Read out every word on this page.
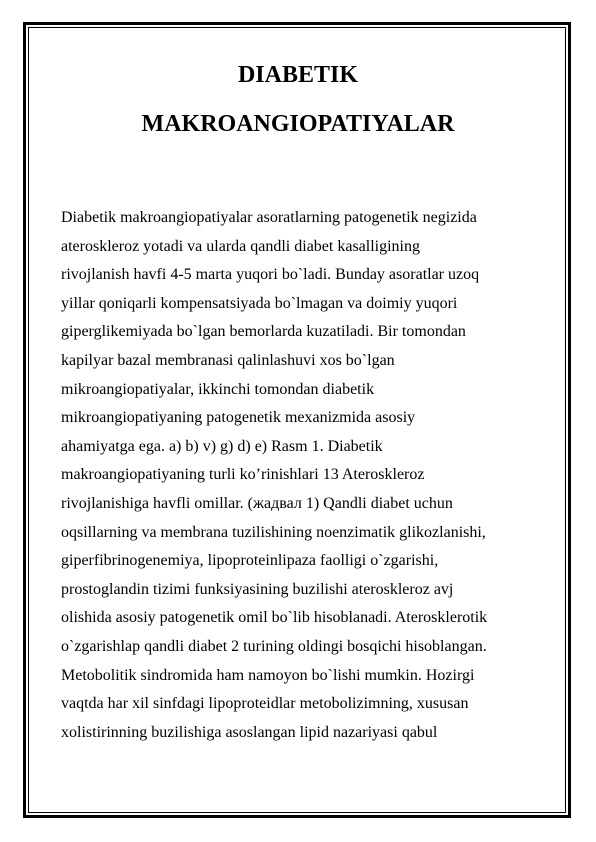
DIABETIK
MAKROANGIOPATIYALAR

Diabetik makroangiopatiyalar asoratlarning patogenetik negizida
ateroskleroz yotadi va ularda qandli diabet kasalligining
rivojlanish havfi 4-5 marta yuqori bo`ladi. Bunday asoratlar uzoq
yillar qoniqarli kompensatsiyada bo`lmagan va doimiy yuqori
giperglikemiyada bo`lgan bemorlarda kuzatiladi. Bir tomondan
kapilyar bazal membranasi qalinlashuvi xos bo`lgan
mikroangiopatiyalar, ikkinchi tomondan diabetik
mikroangiopatiyaning patogenetik mexanizmida asosiy
ahamiyatga ega. a) b) v) g) d) e) Rasm 1. Diabetik
makroangiopatiyaning turli ko’rinishlari 13 Ateroskleroz
rivojlanishiga havfli omillar. (жадвал 1) Qandli diabet uchun
oqsillarning va membrana tuzilishining noenzimatik glikozlanishi,
giperfibrinogenemiya, lipoproteinlipaza faolligi o`zgarishi,
prostoglandin tizimi funksiyasining buzilishi ateroskleroz avj
olishida asosiy patogenetik omil bo`lib hisoblanadi. Aterosklerotik
o`zgarishlap qandli diabet 2 turining oldingi bosqichi hisoblangan.
Metobolitik sindromida ham namoyon bo`lishi mumkin. Hozirgi
vaqtda har xil sinfdagi lipoproteidlar metobolizimning, xususan
xolistirinning buzilishiga asoslangan lipid nazariyasi qabul
